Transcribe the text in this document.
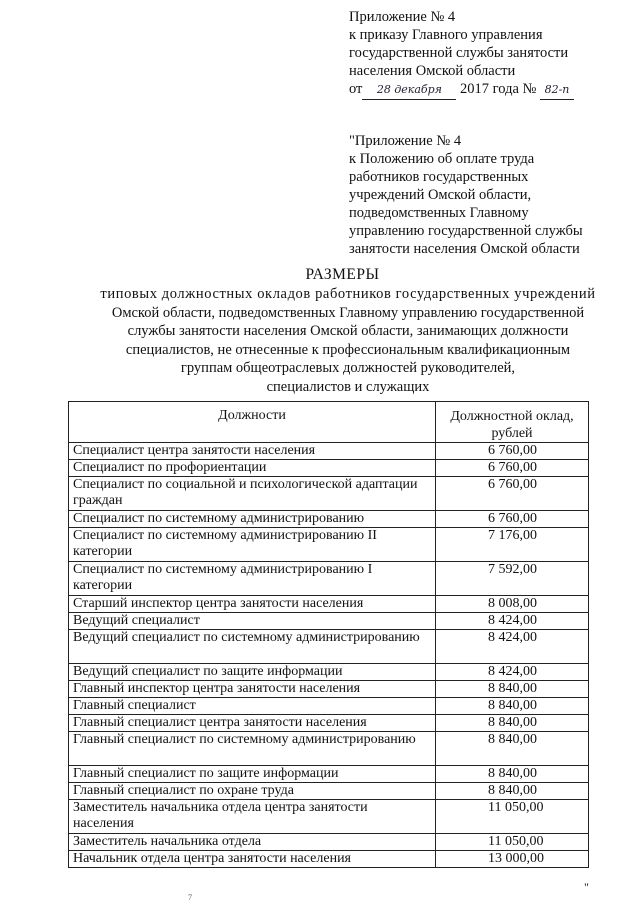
Приложение № 4
к приказу Главного управления
государственной службы занятости
населения Омской области
от 28 декабря 2017 года № 82-п
"Приложение № 4
к Положению об оплате труда
работников государственных
учреждений Омской области,
подведомственных Главному
управлению государственной службы
занятости населения Омской области
РАЗМЕРЫ
типовых должностных окладов работников государственных учреждений
Омской области, подведомственных Главному управлению государственной
службы занятости населения Омской области, занимающих должности
специалистов, не отнесенные к профессиональным квалификационным
группам общеотраслевых должностей руководителей,
специалистов и служащих
Должности	Должностной оклад, рублей
Специалист центра занятости населения	6 760,00
Специалист по профориентации	6 760,00
Специалист по социальной и психологической адаптации граждан	6 760,00
Специалист по системному администрированию	6 760,00
Специалист по системному администрированию II категории	7 176,00
Специалист по системному администрированию I категории	7 592,00
Старший инспектор центра занятости населения	8 008,00
Ведущий специалист	8 424,00
Ведущий специалист по системному администрированию	8 424,00
Ведущий специалист по защите информации	8 424,00
Главный инспектор центра занятости населения	8 840,00
Главный специалист	8 840,00
Главный специалист центра занятости населения	8 840,00
Главный специалист по системному администрированию	8 840,00
Главный специалист по защите информации	8 840,00
Главный специалист по охране труда	8 840,00
Заместитель начальника отдела центра занятости населения	11 050,00
Заместитель начальника отдела	11 050,00
Начальник отдела центра занятости населения	13 000,00
"
7
